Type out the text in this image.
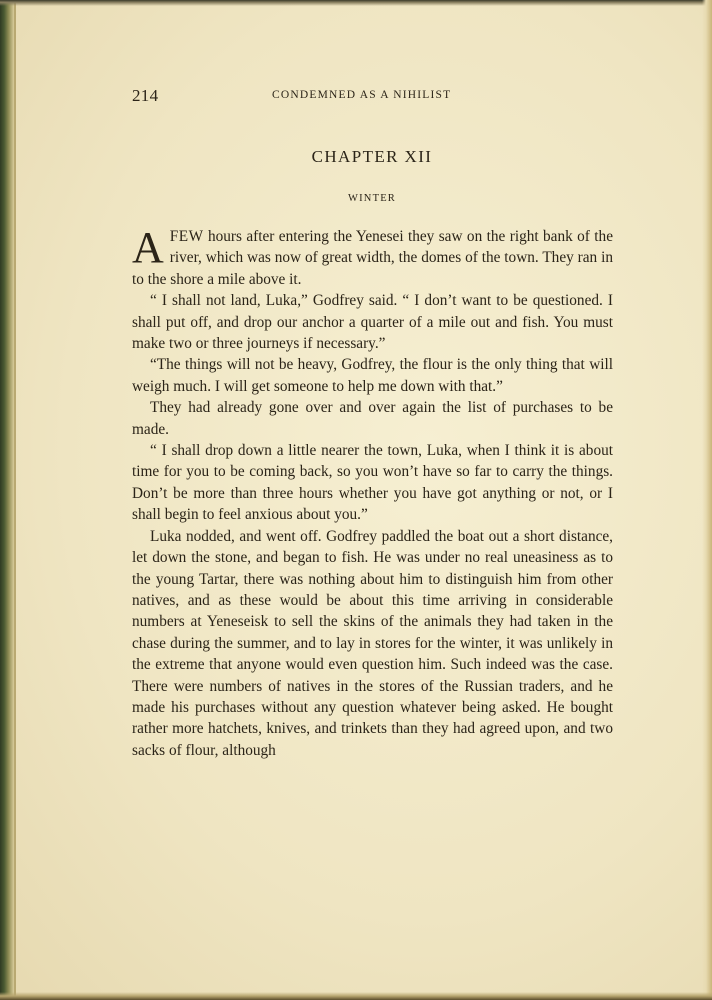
214	CONDEMNED AS A NIHILIST
CHAPTER XII
WINTER

AFEW hours after entering the Yenesei they saw on the right bank of the river, which was now of great width, the domes of the town. They ran in to the shore a mile above it.

“ I shall not land, Luka,” Godfrey said. “ I don’t want to be questioned. I shall put off, and drop our anchor a quarter of a mile out and fish. You must make two or three journeys if necessary.”

“The things will not be heavy, Godfrey, the flour is the only thing that will weigh much. I will get someone to help me down with that.”

They had already gone over and over again the list of purchases to be made.

“ I shall drop down a little nearer the town, Luka, when I think it is about time for you to be coming back, so you won’t have so far to carry the things. Don’t be more than three hours whether you have got anything or not, or I shall begin to feel anxious about you.”

Luka nodded, and went off. Godfrey paddled the boat out a short distance, let down the stone, and began to fish. He was under no real uneasiness as to the young Tartar, there was nothing about him to distinguish him from other natives, and as these would be about this time arriving in considerable numbers at Yeneseisk to sell the skins of the animals they had taken in the chase during the summer, and to lay in stores for the winter, it was unlikely in the extreme that anyone would even question him. Such indeed was the case. There were numbers of natives in the stores of the Russian traders, and he made his purchases without any question whatever being asked. He bought rather more hatchets, knives, and trinkets than they had agreed upon, and two sacks of flour, although
